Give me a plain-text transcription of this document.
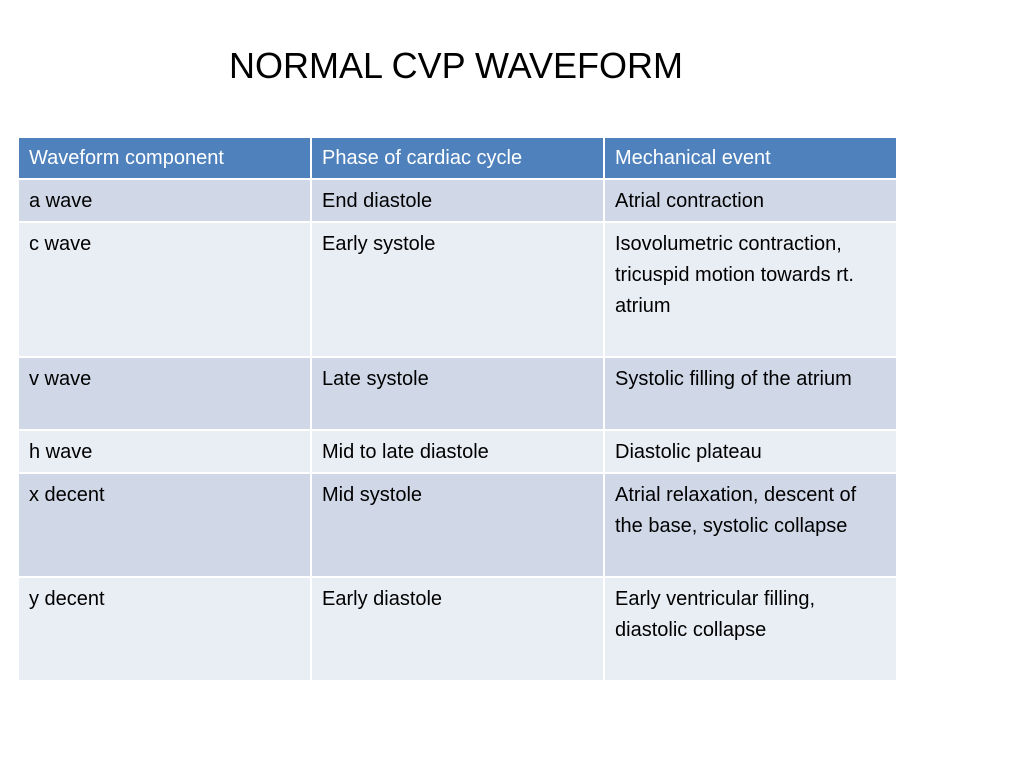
NORMAL CVP WAVEFORM
Waveform component	Phase of cardiac cycle	Mechanical event
a wave	End diastole	Atrial contraction
c wave	Early systole	Isovolumetric contraction, tricuspid motion towards rt. atrium
v wave	Late systole	Systolic filling of the atrium
h wave	Mid to late diastole	Diastolic plateau
x decent	Mid systole	Atrial relaxation, descent of the base, systolic collapse
y decent	Early diastole	Early ventricular filling, diastolic collapse
